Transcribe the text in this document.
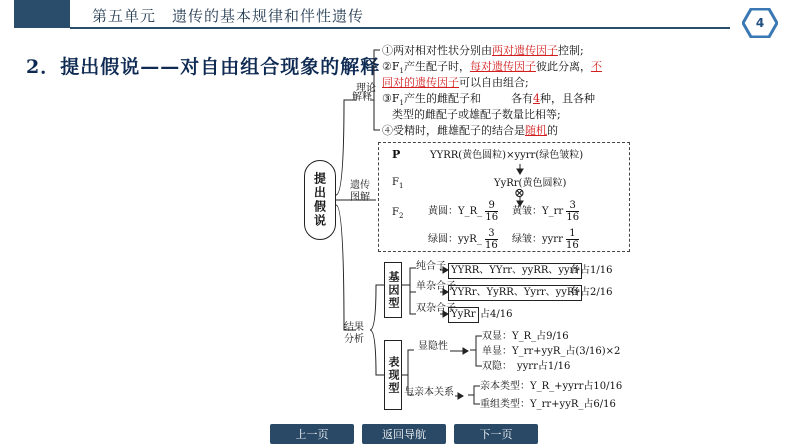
第五单元　遗传的基本规律和伴性遗传	4
2．提出假说——对自由组合现象的解释
提出假说
解释
理论
①两对相对性状分别由两对遗传因子控制;
$②F_1$产生配子时，每对遗传因子彼此分离，不
同对的遗传因子可以自由组合;
$③F_1$产生的雌配子和	各有4种，且各种
类型的雌配子或雄配子数量比相等;
④受精时，雌雄配子的结合是随机的
遗传
图解
P	YYRR(黄色圆粒)×yyrr(绿色皱粒)
$F_1$	YyRr(黄色圆粒)
⊗
$F_2$ 黄圆：Y_R_ $\frac{9}{16}$ 黄皱：Y_rr $\frac{3}{16}$
绿圆：yyR_ $\frac{3}{16}$ 绿皱：yyrr $\frac{1}{16}$
结果
分析
基因型
纯合子 YYRR、YYrr、yyRR、yyrr
各占1/16
单杂合子
YYRr、YyRR、Yyrr、yyRr
各占2/16
双杂合子
YyRr 占4/16
表现型
显隐性
双显：Y_R_占9/16
单显：Y_rr+yyR_占(3/16)×2
双隐：　yyrr占1/16
与亲本关系
亲本类型：Y_R_+yyrr占10/16
重组类型：Y_rr+yyR_占6/16
上一页	返回导航	下一页
